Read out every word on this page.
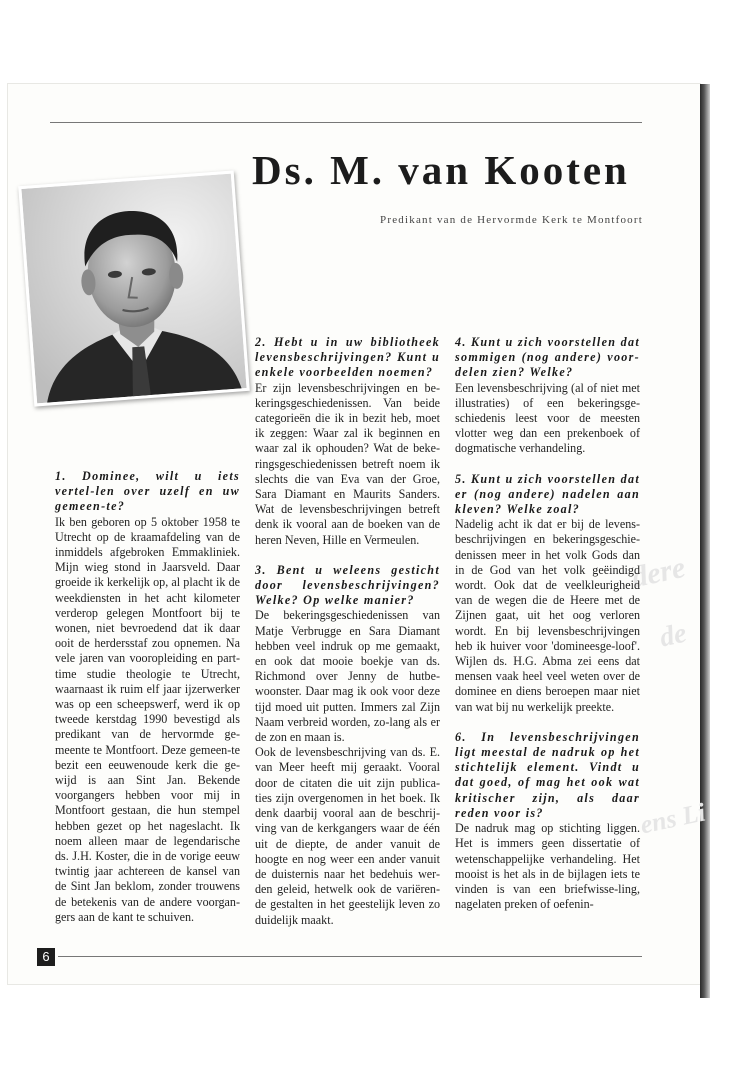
dere
de
ens Li
Ds. M. van Kooten
Predikant van de Hervormde Kerk te Montfoort

1. Dominee, wilt u iets vertel-len over uzelf en uw gemeen-te?

Ik ben geboren op 5 oktober 1958 te Utrecht op de kraamafdeling van de inmiddels afgebroken Emmakliniek. Mijn wieg stond in Jaarsveld. Daar groeide ik kerkelijk op, al placht ik de weekdiensten in het acht kilometer verderop gelegen Montfoort bij te wonen, niet bevroedend dat ik daar ooit de herdersstaf zou opnemen. Na vele jaren van vooropleiding en part-time studie theologie te Utrecht, waarnaast ik ruim elf jaar ijzerwerker was op een scheepswerf, werd ik op tweede kerstdag 1990 bevestigd als predikant van de hervormde ge-meente te Montfoort. Deze gemeen-te bezit een eeuwenoude kerk die ge-wijd is aan Sint Jan. Bekende voorgangers hebben voor mij in Montfoort gestaan, die hun stempel hebben gezet op het nageslacht. Ik noem alleen maar de legendarische ds. J.H. Koster, die in de vorige eeuw twintig jaar achtereen de kansel van de Sint Jan beklom, zonder trouwens de betekenis van de andere voorgan-gers aan de kant te schuiven.

2. Hebt u in uw bibliotheek levensbeschrijvingen? Kunt u enkele voorbeelden noemen?

Er zijn levensbeschrijvingen en be-keringsgeschiedenissen. Van beide categorieën die ik in bezit heb, moet ik zeggen: Waar zal ik beginnen en waar zal ik ophouden? Wat de beke-ringsgeschiedenissen betreft noem ik slechts die van Eva van der Groe, Sara Diamant en Maurits Sanders. Wat de levensbeschrijvingen betreft denk ik vooral aan de boeken van de heren Neven, Hille en Vermeulen.

3. Bent u weleens gesticht door levensbeschrijvingen? Welke? Op welke manier?

De bekeringsgeschiedenissen van Matje Verbrugge en Sara Diamant hebben veel indruk op me gemaakt, en ook dat mooie boekje van ds. Richmond over Jenny de hutbe-woonster. Daar mag ik ook voor deze tijd moed uit putten. Immers zal Zijn Naam verbreid worden, zo-lang als er de zon en maan is.

Ook de levensbeschrijving van ds. E. van Meer heeft mij geraakt. Vooral door de citaten die uit zijn publica-ties zijn overgenomen in het boek. Ik denk daarbij vooral aan de beschrij-ving van de kerkgangers waar de één uit de diepte, de ander vanuit de hoogte en nog weer een ander vanuit de duisternis naar het bedehuis wer-den geleid, hetwelk ook de variëren-de gestalten in het geestelijk leven zo duidelijk maakt.

4. Kunt u zich voorstellen dat sommigen (nog andere) voor-delen zien? Welke?

Een levensbeschrijving (al of niet met illustraties) of een bekeringsge-schiedenis leest voor de meesten vlotter weg dan een prekenboek of dogmatische verhandeling.

5. Kunt u zich voorstellen dat er (nog andere) nadelen aan kleven? Welke zoal?

Nadelig acht ik dat er bij de levens-beschrijvingen en bekeringsgeschie-denissen meer in het volk Gods dan in de God van het volk geëindigd wordt. Ook dat de veelkleurigheid van de wegen die de Heere met de Zijnen gaat, uit het oog verloren wordt. En bij levensbeschrijvingen heb ik huiver voor 'domineesge-loof'. Wijlen ds. H.G. Abma zei eens dat mensen vaak heel veel weten over de dominee en diens beroepen maar niet van wat bij nu werkelijk preekte.

6. In levensbeschrijvingen ligt meestal de nadruk op het stichtelijk element. Vindt u dat goed, of mag het ook wat kritischer zijn, als daar reden voor is?

De nadruk mag op stichting liggen. Het is immers geen dissertatie of wetenschappelijke verhandeling. Het mooist is het als in de bijlagen iets te vinden is van een briefwisse-ling, nagelaten preken of oefenin-

6
